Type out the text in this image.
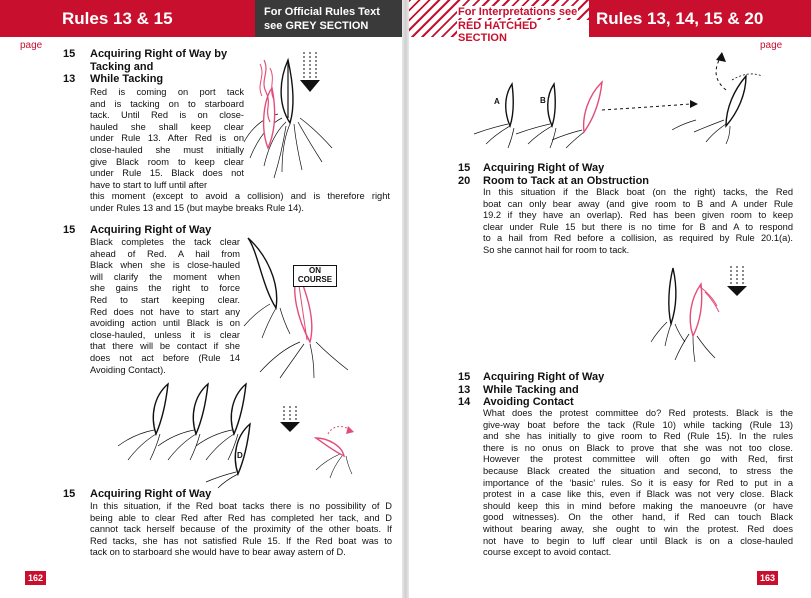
Rules 13 & 15	For Official Rules Text
see GREY SECTION
page
15
13
Acquiring Right of Way by
Tacking and
While Tacking
Red is coming on port tack
and is tacking on to starboard
tack. Until Red is on close-
hauled she shall keep clear
under Rule 13. After Red is on
close-hauled she must initially
give Black room to keep clear
under Rule 15. Black does not
have to start to luff until after
this moment (except to avoid a collision) and is therefore right
under Rules 13 and 15 (but maybe breaks Rule 14).
15 Acquiring Right of Way
Black completes the tack clear
ahead of Red. A hail from
Black when she is close-hauled
will clarify the moment when
she gains the right to force
Red to start keeping clear.
Red does not have to start any
avoiding action until Black is on
close-hauled, unless it is clear
that there will be contact if she
does not act before (Rule 14
Avoiding Contact).
ON
COURSE
D
15 Acquiring Right of Way
In this situation, if the Red boat tacks there is no possibility of D
being able to clear Red after Red has completed her tack, and D
cannot tack herself because of the proximity of the other boats. If
Red tacks, she has not satisfied Rule 15. If the Red boat was to
tack on to starboard she would have to bear away astern of D.
162
For Interpretations see
RED HATCHED SECTION
Rules 13, 14, 15 & 20
page
A	B
15
20
Acquiring Right of Way
Room to Tack at an Obstruction
In this situation if the Black boat (on the right) tacks, the Red
boat can only bear away (and give room to B and A under Rule
19.2 if they have an overlap). Red has been given room to keep
clear under Rule 15 but there is no time for B and A to respond
to a hail from Red before a collision, as required by Rule 20.1(a).
So she cannot hail for room to tack.
15
13
14
Acquiring Right of Way
While Tacking and
Avoiding Contact
What does the protest committee do? Red protests. Black is the
give-way boat before the tack (Rule 10) while tacking (Rule 13)
and she has initially to give room to Red (Rule 15). In the rules
there is no onus on Black to prove that she was not too close.
However the protest committee will often go with Red, first
because Black created the situation and second, to stress the
importance of the ‘basic’ rules. So it is easy for Red to put in a
protest in a case like this, even if Black was not very close. Black
should keep this in mind before making the manoeuvre (or have
good witnesses). On the other hand, if Red can touch Black
without bearing away, she ought to win the protest. Red does
not have to begin to luff clear until Black is on a close-hauled
course except to avoid contact.
163
